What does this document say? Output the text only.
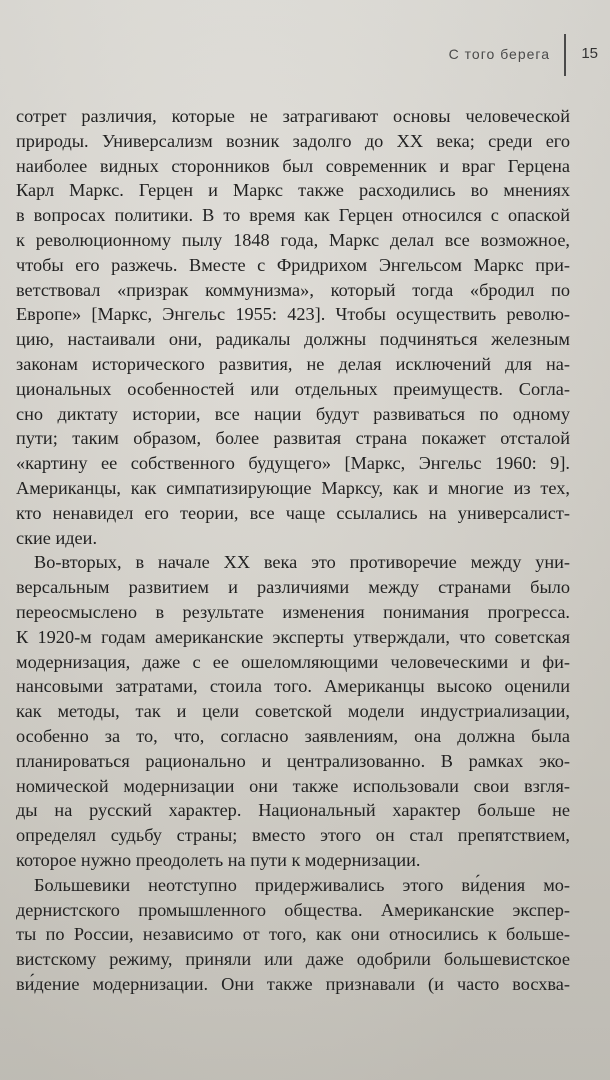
С того берега 15
сотрет различия, которые не затрагивают основы человеческой
природы. Универсализм возник задолго до XX века; среди его
наиболее видных сторонников был современник и враг Герцена
Карл Маркс. Герцен и Маркс также расходились во мнениях
в вопросах политики. В то время как Герцен относился с опаской
к революционному пылу 1848 года, Маркс делал все возможное,
чтобы его разжечь. Вместе с Фридрихом Энгельсом Маркс при-
ветствовал «призрак коммунизма», который тогда «бродил по
Европе» [Маркс, Энгельс 1955: 423]. Чтобы осуществить револю-
цию, настаивали они, радикалы должны подчиняться железным
законам исторического развития, не делая исключений для на-
циональных особенностей или отдельных преимуществ. Согла-
сно диктату истории, все нации будут развиваться по одному
пути; таким образом, более развитая страна покажет отсталой
«картину ее собственного будущего» [Маркс, Энгельс 1960: 9].
Американцы, как симпатизирующие Марксу, как и многие из тех,
кто ненавидел его теории, все чаще ссылались на универсалист-
ские идеи.
Во-вторых, в начале XX века это противоречие между уни-
версальным развитием и различиями между странами было
переосмыслено в результате изменения понимания прогресса.
К 1920-м годам американские эксперты утверждали, что советская
модернизация, даже с ее ошеломляющими человеческими и фи-
нансовыми затратами, стоила того. Американцы высоко оценили
как методы, так и цели советской модели индустриализации,
особенно за то, что, согласно заявлениям, она должна была
планироваться рационально и централизованно. В рамках эко-
номической модернизации они также использовали свои взгля-
ды на русский характер. Национальный характер больше не
определял судьбу страны; вместо этого он стал препятствием,
которое нужно преодолеть на пути к модернизации.
Большевики неотступно придерживались этого ви́дения мо-
дернистского промышленного общества. Американские экспер-
ты по России, независимо от того, как они относились к больше-
вистскому режиму, приняли или даже одобрили большевистское
ви́дение модернизации. Они также признавали (и часто восхва-
